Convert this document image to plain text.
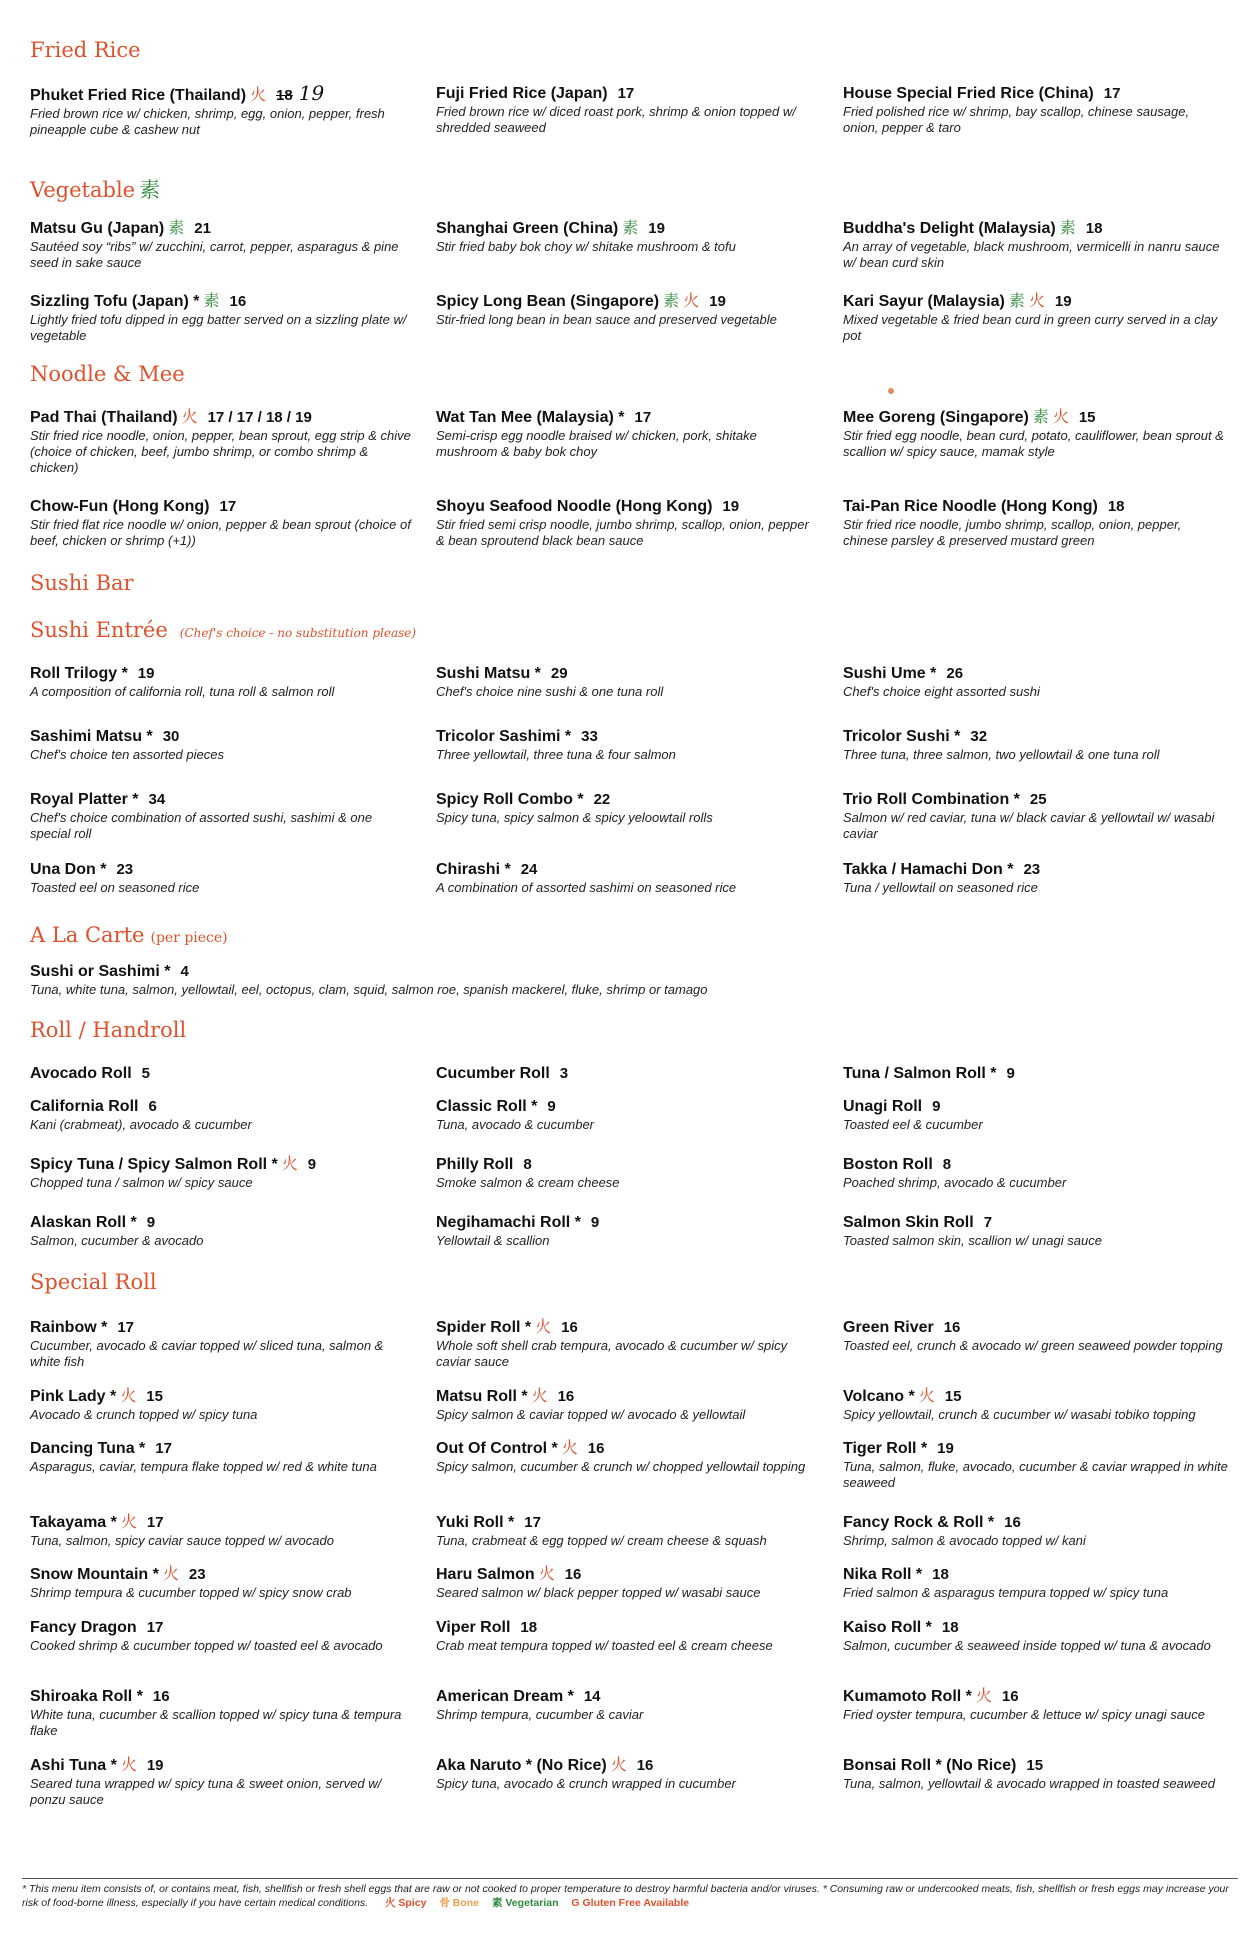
Fried Rice
Vegetable 素
Noodle & Mee
Sushi Bar
Sushi Entrée (Chef's choice - no substitution please)
A La Carte (per piece)
Roll / Handroll
Special Roll
Phuket Fried Rice (Thailand) 火 18 19
Fried brown rice w/ chicken, shrimp, egg, onion, pepper, fresh pineapple cube & cashew nut
Fuji Fried Rice (Japan) 17
Fried brown rice w/ diced roast pork, shrimp & onion topped w/ shredded seaweed
House Special Fried Rice (China) 17
Fried polished rice w/ shrimp, bay scallop, chinese sausage, onion, pepper & taro
Matsu Gu (Japan) 素 21
Sautéed soy “ribs” w/ zucchini, carrot, pepper, asparagus & pine seed in sake sauce
Shanghai Green (China) 素 19
Stir fried baby bok choy w/ shitake mushroom & tofu
Buddha's Delight (Malaysia) 素 18
An array of vegetable, black mushroom, vermicelli in nanru sauce w/ bean curd skin
Sizzling Tofu (Japan) * 素 16
Lightly fried tofu dipped in egg batter served on a sizzling plate w/ vegetable
Spicy Long Bean (Singapore) 素 火 19
Stir-fried long bean in bean sauce and preserved vegetable
Kari Sayur (Malaysia) 素 火 19
Mixed vegetable & fried bean curd in green curry served in a clay pot
Pad Thai (Thailand) 火 17 / 17 / 18 / 19
Stir fried rice noodle, onion, pepper, bean sprout, egg strip & chive (choice of chicken, beef, jumbo shrimp, or combo shrimp & chicken)
Wat Tan Mee (Malaysia) * 17
Semi-crisp egg noodle braised w/ chicken, pork, shitake mushroom & baby bok choy
Mee Goreng (Singapore) 素 火 15
Stir fried egg noodle, bean curd, potato, cauliflower, bean sprout & scallion w/ spicy sauce, mamak style
Chow-Fun (Hong Kong) 17
Stir fried flat rice noodle w/ onion, pepper & bean sprout (choice of beef, chicken or shrimp (+1))
Shoyu Seafood Noodle (Hong Kong) 19
Stir fried semi crisp noodle, jumbo shrimp, scallop, onion, pepper & bean sproutend black bean sauce
Tai-Pan Rice Noodle (Hong Kong) 18
Stir fried rice noodle, jumbo shrimp, scallop, onion, pepper, chinese parsley & preserved mustard green
Roll Trilogy * 19
A composition of california roll, tuna roll & salmon roll
Sushi Matsu * 29
Chef's choice nine sushi & one tuna roll
Sushi Ume * 26
Chef's choice eight assorted sushi
Sashimi Matsu * 30
Chef's choice ten assorted pieces
Tricolor Sashimi * 33
Three yellowtail, three tuna & four salmon
Tricolor Sushi * 32
Three tuna, three salmon, two yellowtail & one tuna roll
Royal Platter * 34
Chef's choice combination of assorted sushi, sashimi & one special roll
Spicy Roll Combo * 22
Spicy tuna, spicy salmon & spicy yeloowtail rolls
Trio Roll Combination * 25
Salmon w/ red caviar, tuna w/ black caviar & yellowtail w/ wasabi caviar
Una Don * 23
Toasted eel on seasoned rice
Chirashi * 24
A combination of assorted sashimi on seasoned rice
Takka / Hamachi Don * 23
Tuna / yellowtail on seasoned rice
Avocado Roll 5	Cucumber Roll 3	Tuna / Salmon Roll * 9
California Roll 6
Kani (crabmeat), avocado & cucumber
Classic Roll * 9
Tuna, avocado & cucumber
Unagi Roll 9
Toasted eel & cucumber
Spicy Tuna / Spicy Salmon Roll * 火 9
Chopped tuna / salmon w/ spicy sauce
Philly Roll 8
Smoke salmon & cream cheese
Boston Roll 8
Poached shrimp, avocado & cucumber
Alaskan Roll * 9
Salmon, cucumber & avocado
Negihamachi Roll * 9
Yellowtail & scallion
Salmon Skin Roll 7
Toasted salmon skin, scallion w/ unagi sauce
Rainbow * 17
Cucumber, avocado & caviar topped w/ sliced tuna, salmon & white fish
Spider Roll * 火 16
Whole soft shell crab tempura, avocado & cucumber w/ spicy caviar sauce
Green River 16
Toasted eel, crunch & avocado w/ green seaweed powder topping
Pink Lady * 火 15
Avocado & crunch topped w/ spicy tuna
Matsu Roll * 火 16
Spicy salmon & caviar topped w/ avocado & yellowtail
Volcano * 火 15
Spicy yellowtail, crunch & cucumber w/ wasabi tobiko topping
Dancing Tuna * 17
Asparagus, caviar, tempura flake topped w/ red & white tuna
Out Of Control * 火 16
Spicy salmon, cucumber & crunch w/ chopped yellowtail topping
Tiger Roll * 19
Tuna, salmon, fluke, avocado, cucumber & caviar wrapped in white seaweed
Takayama * 火 17
Tuna, salmon, spicy caviar sauce topped w/ avocado
Yuki Roll * 17
Tuna, crabmeat & egg topped w/ cream cheese & squash
Fancy Rock & Roll * 16
Shrimp, salmon & avocado topped w/ kani
Snow Mountain * 火 23
Shrimp tempura & cucumber topped w/ spicy snow crab
Haru Salmon 火 16
Seared salmon w/ black pepper topped w/ wasabi sauce
Nika Roll * 18
Fried salmon & asparagus tempura topped w/ spicy tuna
Fancy Dragon 17
Cooked shrimp & cucumber topped w/ toasted eel & avocado
Viper Roll 18
Crab meat tempura topped w/ toasted eel & cream cheese
Kaiso Roll * 18
Salmon, cucumber & seaweed inside topped w/ tuna & avocado
Shiroaka Roll * 16
White tuna, cucumber & scallion topped w/ spicy tuna & tempura flake
American Dream * 14
Shrimp tempura, cucumber & caviar
Kumamoto Roll * 火 16
Fried oyster tempura, cucumber & lettuce w/ spicy unagi sauce
Ashi Tuna * 火 19
Seared tuna wrapped w/ spicy tuna & sweet onion, served w/ ponzu sauce
Aka Naruto * (No Rice) 火 16
Spicy tuna, avocado & crunch wrapped in cucumber
Bonsai Roll * (No Rice) 15
Tuna, salmon, yellowtail & avocado wrapped in toasted seaweed
Sushi or Sashimi * 4
Tuna, white tuna, salmon, yellowtail, eel, octopus, clam, squid, salmon roe, spanish mackerel, fluke, shrimp or tamago
* This menu item consists of, or contains meat, fish, shellfish or fresh shell eggs that are raw or not cooked to proper temperature to destroy harmful bacteria and/or viruses. * Consuming raw or undercooked meats, fish, shellfish or fresh eggs may increase your risk of food-borne illness, especially if you have certain medical conditions. 火 Spicy 骨 Bone 素 Vegetarian G Gluten Free Available
